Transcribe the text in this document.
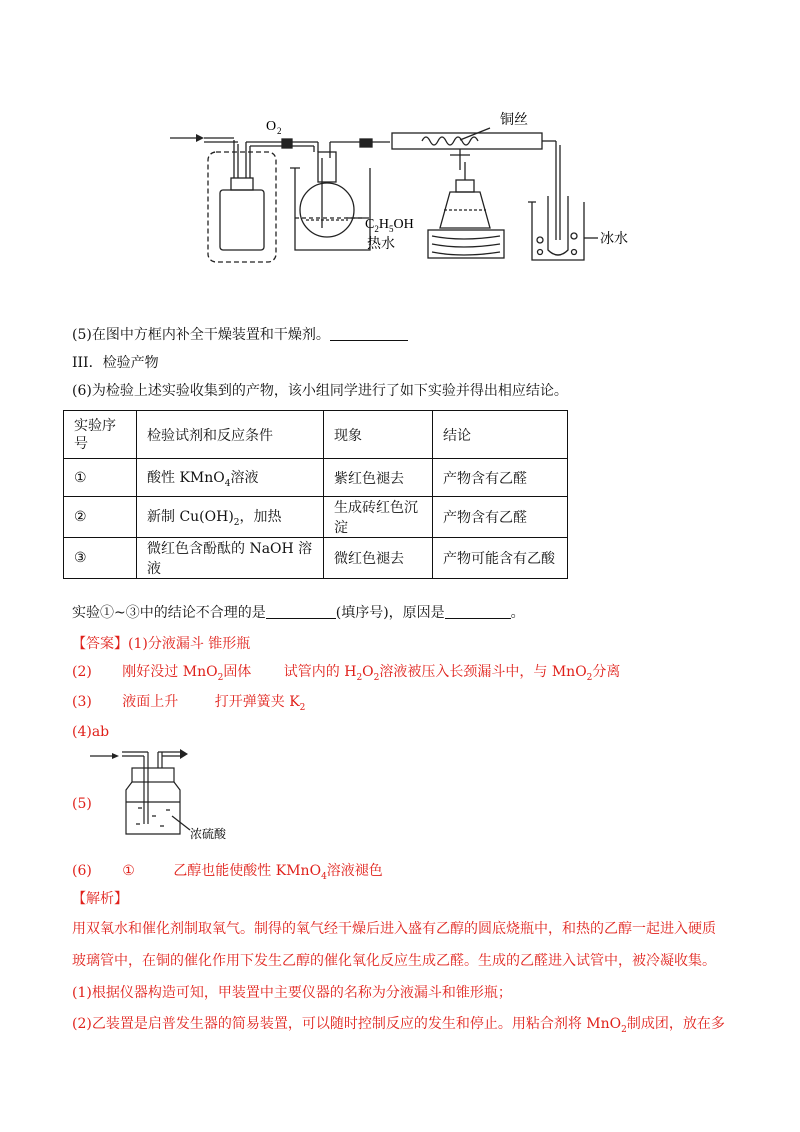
O 2
铜丝
$C_2H_5OH$
热水	冰水
(5)在图中方框内补全干燥装置和干燥剂。
III．检验产物
(6)为检验上述实验收集到的产物，该小组同学进行了如下实验并得出相应结论。
实验序号	检验试剂和反应条件	现象	结论
①	酸性 KMnO$_4$溶液	紫红色褪去	产物含有乙醛
②	新制 $Cu(OH)_2$，加热	生成砖红色沉淀	产物含有乙醛
③	微红色含酚酞的 NaOH 溶液	微红色褪去	产物可能含有乙酸
实验①~③中的结论不合理的是	(填序号)，原因是	。
【答案】(1)分液漏斗 锥形瓶
(2) 刚好没过 MnO$_2$固体 试管内的 $H_2O_2$溶液被压入长颈漏斗中，与 MnO$_2$分离
(3) 液面上升	打开弹簧夹 $K_2$
(4)ab
(5)
浓硫酸
(6) ①	乙醇也能使酸性 KMnO$_4$溶液褪色
【解析】
用双氧水和催化剂制取氧气。制得的氧气经干燥后进入盛有乙醇的圆底烧瓶中，和热的乙醇一起进入硬质
玻璃管中，在铜的催化作用下发生乙醇的催化氧化反应生成乙醛。生成的乙醛进入试管中，被冷凝收集。
(1)根据仪器构造可知，甲装置中主要仪器的名称为分液漏斗和锥形瓶；
(2)乙装置是启普发生器的简易装置，可以随时控制反应的发生和停止。用粘合剂将 MnO$_2$制成团，放在多
